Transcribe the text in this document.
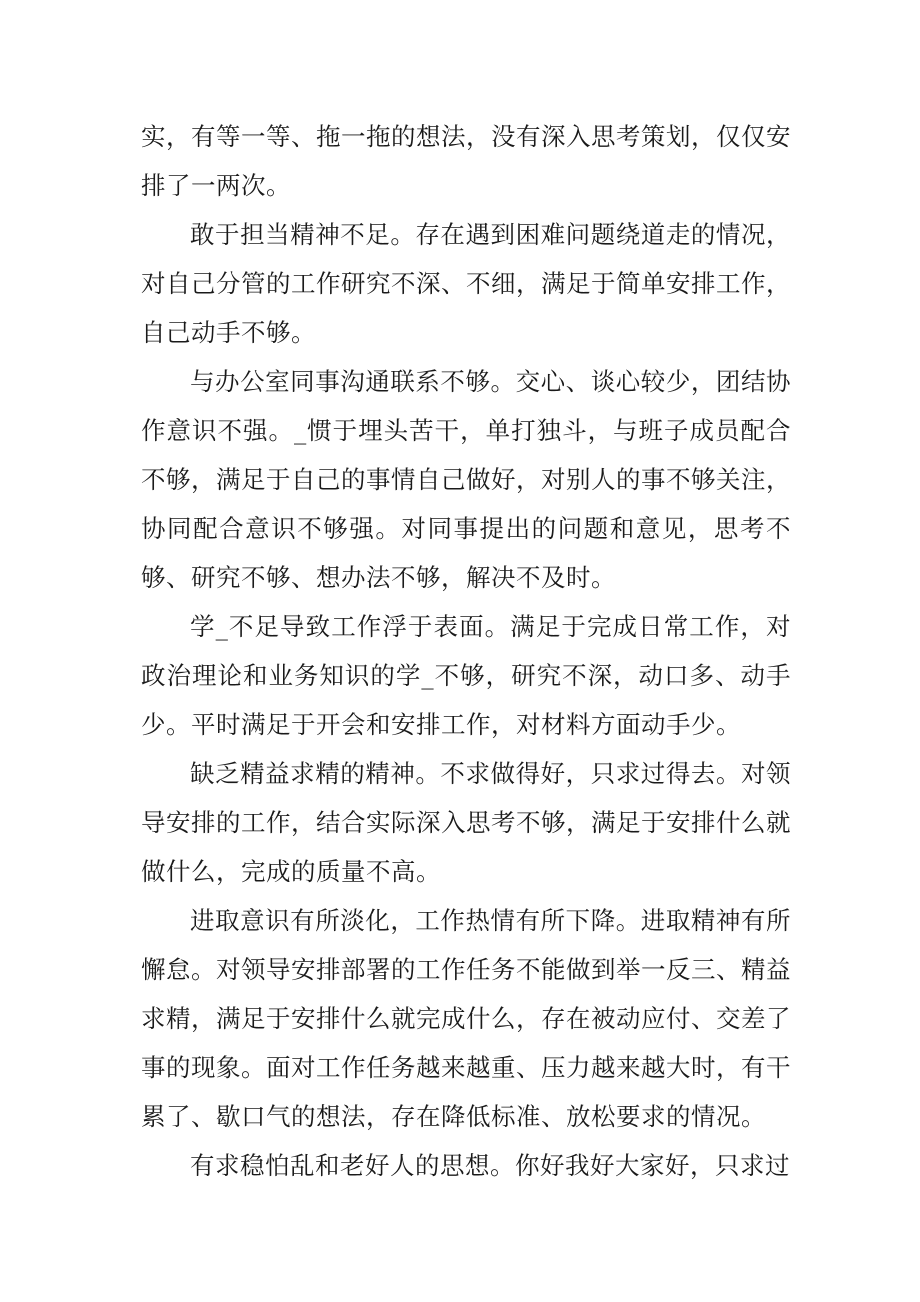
实，有等一等、拖一拖的想法，没有深入思考策划，仅仅安排了一两次。

敢于担当精神不足。存在遇到困难问题绕道走的情况，对自己分管的工作研究不深、不细，满足于简单安排工作，自己动手不够。

与办公室同事沟通联系不够。交心、谈心较少，团结协作意识不强。_惯于埋头苦干，单打独斗，与班子成员配合不够，满足于自己的事情自己做好，对别人的事不够关注，协同配合意识不够强。对同事提出的问题和意见，思考不够、研究不够、想办法不够，解决不及时。

学_不足导致工作浮于表面。满足于完成日常工作，对政治理论和业务知识的学_不够，研究不深，动口多、动手少。平时满足于开会和安排工作，对材料方面动手少。

缺乏精益求精的精神。不求做得好，只求过得去。对领导安排的工作，结合实际深入思考不够，满足于安排什么就做什么，完成的质量不高。

进取意识有所淡化，工作热情有所下降。进取精神有所懈怠。对领导安排部署的工作任务不能做到举一反三、精益求精，满足于安排什么就完成什么，存在被动应付、交差了事的现象。面对工作任务越来越重、压力越来越大时，有干累了、歇口气的想法，存在降低标准、放松要求的情况。

有求稳怕乱和老好人的思想。你好我好大家好，只求过
